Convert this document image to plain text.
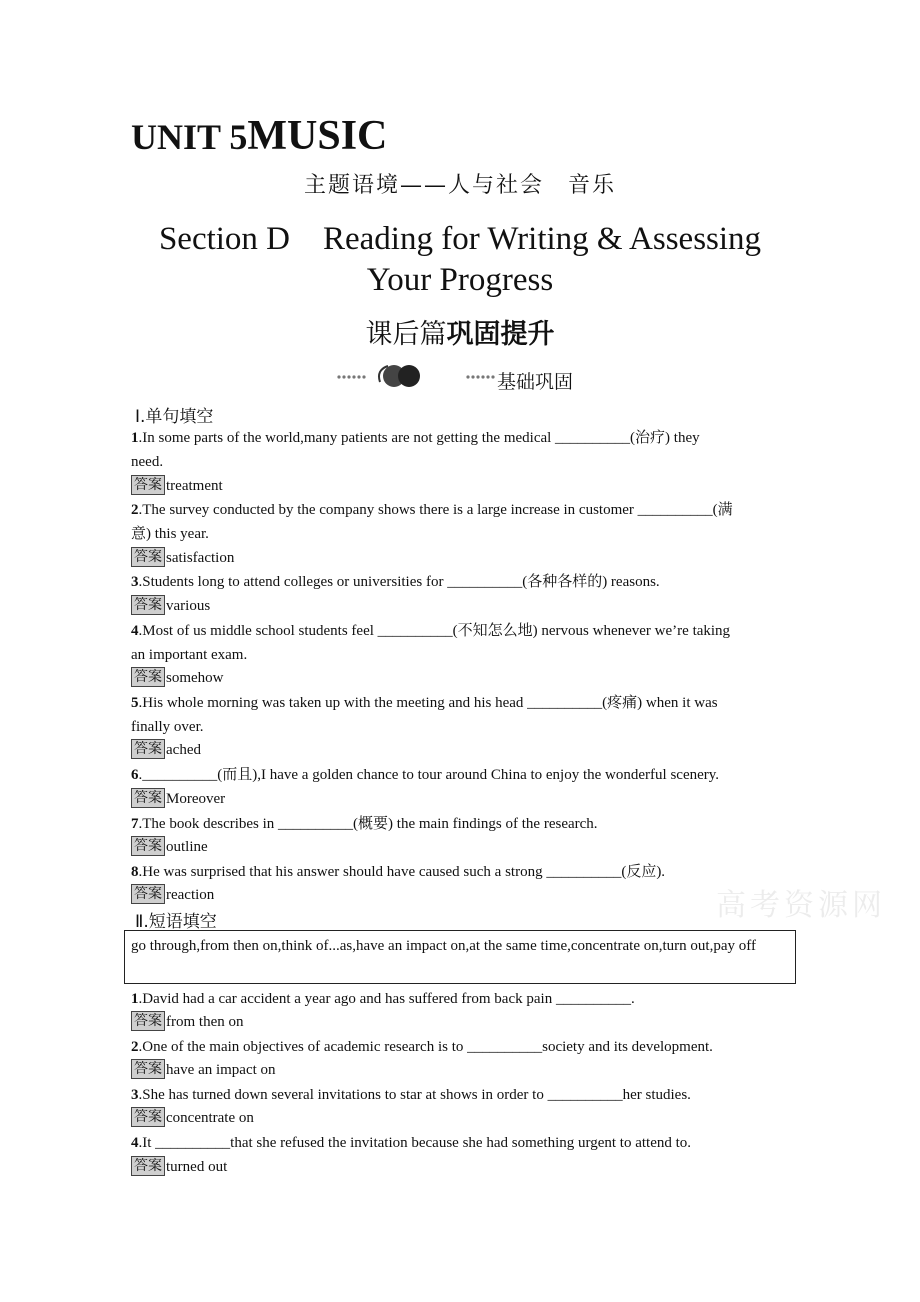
UNIT 5MUSIC
主题语境——人与社会　音乐
Section D　Reading for Writing & Assessing
Your Progress
课后篇巩固提升
基础巩固
Ⅰ.单句填空
1.In some parts of the world,many patients are not getting the medical __________(治疗) they
need.
答案 treatment
2.The survey conducted by the company shows there is a large increase in customer __________(满
意) this year.
答案 satisfaction
3.Students long to attend colleges or universities for __________(各种各样的) reasons.
答案 various
4.Most of us middle school students feel __________(不知怎么地) nervous whenever we’re taking
an important exam.
答案 somehow
5.His whole morning was taken up with the meeting and his head __________(疼痛) when it was
finally over.
答案 ached
6.__________(而且),I have a golden chance to tour around China to enjoy the wonderful scenery.
答案 Moreover
7.The book describes in __________(概要) the main findings of the research.
答案 outline
8.He was surprised that his answer should have caused such a strong __________(反应).
答案 reaction	高考资源网
Ⅱ.短语填空
go through,from then on,think of...as,have an impact on,at the same time,concentrate on,turn out,pay off
1.David had a car accident a year ago and has suffered from back pain __________.
答案 from then on
2.One of the main objectives of academic research is to __________society and its development.
答案 have an impact on
3.She has turned down several invitations to star at shows in order to __________her studies.
答案 concentrate on
4.It __________that she refused the invitation because she had something urgent to attend to.
答案 turned out
